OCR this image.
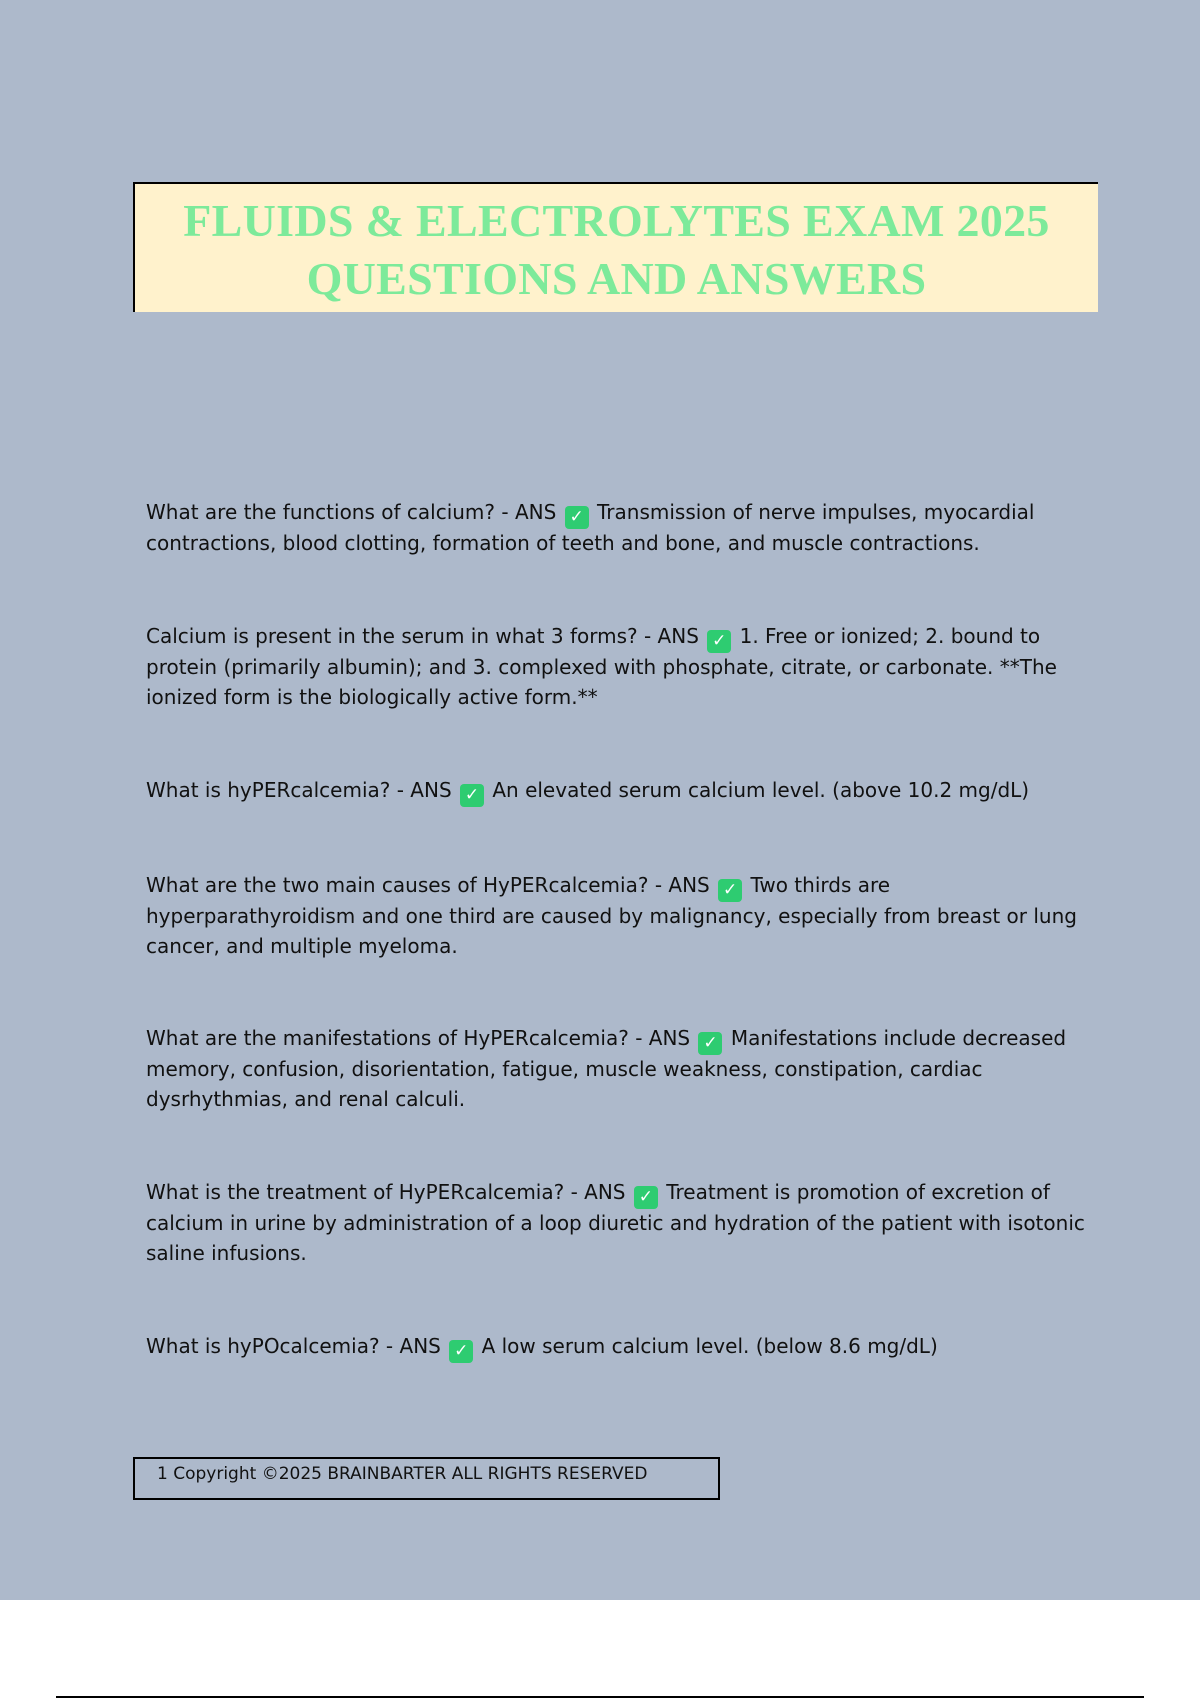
FLUIDS & ELECTROLYTES EXAM 2025
QUESTIONS AND ANSWERS

What are the functions of calcium? - ANS ✓ Transmission of nerve impulses, myocardial contractions, blood clotting, formation of teeth and bone, and muscle contractions.

Calcium is present in the serum in what 3 forms? - ANS ✓ 1. Free or ionized; 2. bound to protein (primarily albumin); and 3. complexed with phosphate, citrate, or carbonate. **The ionized form is the biologically active form.**

What is hyPERcalcemia? - ANS ✓ An elevated serum calcium level. (above 10.2 mg/dL)

What are the two main causes of HyPERcalcemia? - ANS ✓ Two thirds are hyperparathyroidism and one third are caused by malignancy, especially from breast or lung cancer, and multiple myeloma.

What are the manifestations of HyPERcalcemia? - ANS ✓ Manifestations include decreased memory, confusion, disorientation, fatigue, muscle weakness, constipation, cardiac dysrhythmias, and renal calculi.

What is the treatment of HyPERcalcemia? - ANS ✓ Treatment is promotion of excretion of calcium in urine by administration of a loop diuretic and hydration of the patient with isotonic saline infusions.

What is hyPOcalcemia? - ANS ✓ A low serum calcium level. (below 8.6 mg/dL)

1 Copyright ©2025 BRAINBARTER ALL RIGHTS RESERVED
